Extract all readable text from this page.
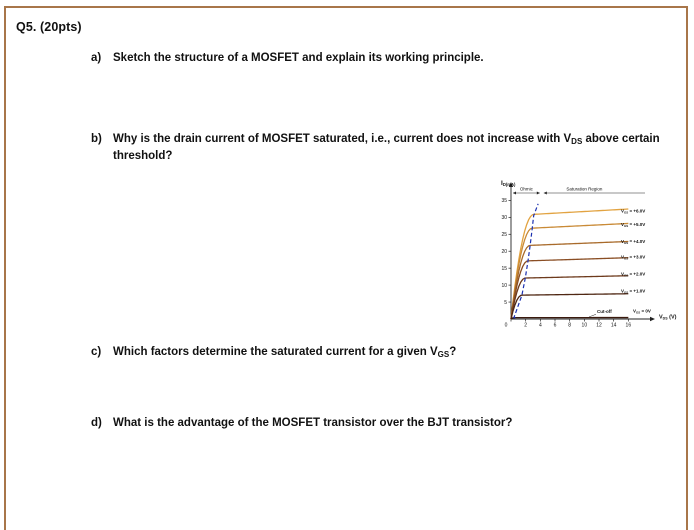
Q5. (20pts)
a) Sketch the structure of a MOSFET and explain its working principle.
b) Why is the drain current of MOSFET saturated, i.e., current does not increase with $V_{DS}$ above certain threshold?
5
10
15
20
25
30
35
0	2 4 6 8 10 12 14 16
ID(mA)
VDS (V)
Ohmic	Saturation Region
VGS = +6.0V
VGS = +5.0V
VGS = +4.0V
VGS = +3.0V
VGS = +2.0V
VGS = +1.0V
VGS = 0V
Cut-off
c) Which factors determine the saturated current for a given $V_{GS}$?
d) What is the advantage of the MOSFET transistor over the BJT transistor?
